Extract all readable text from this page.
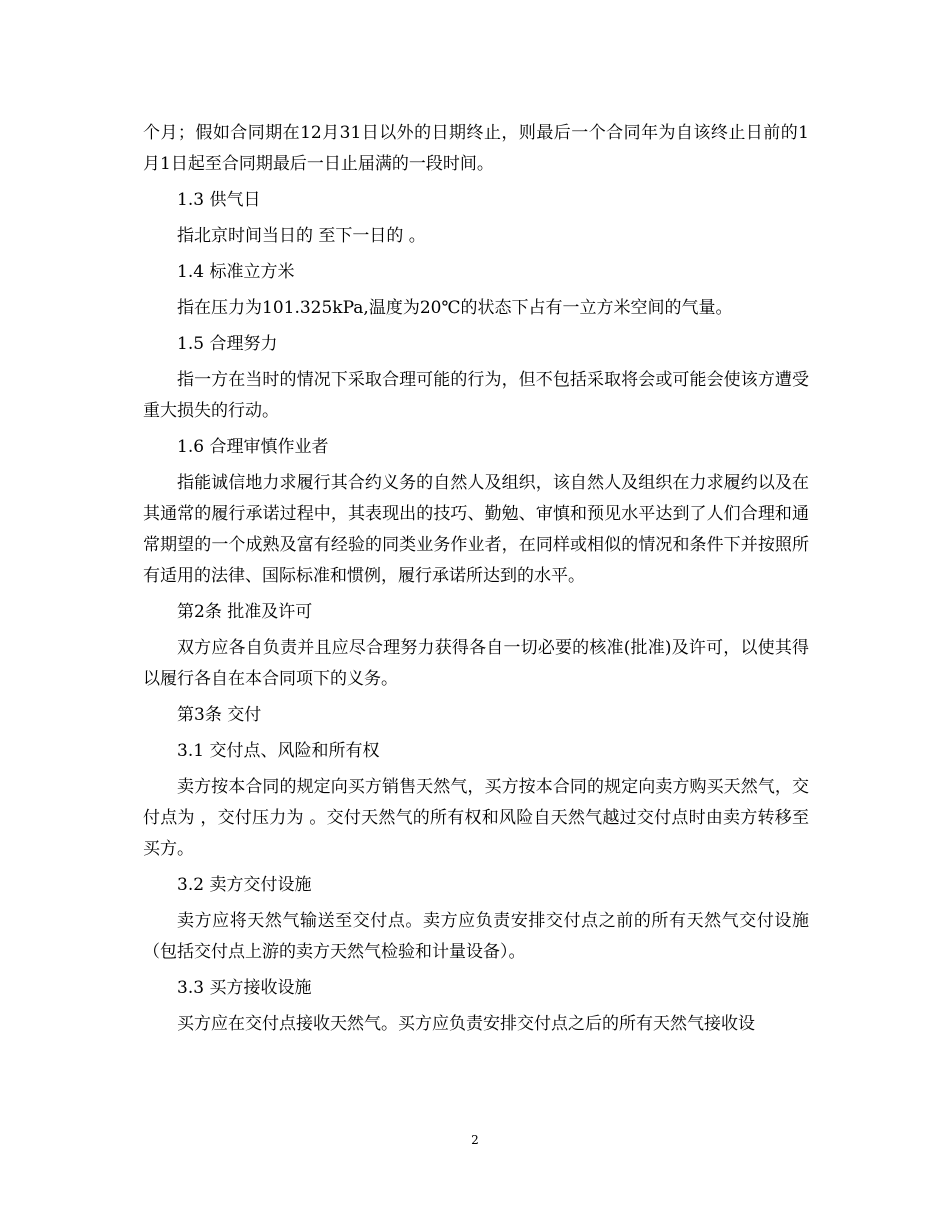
个月；假如合同期在12月31日以外的日期终止，则最后一个合同年为自该终止日前的1月1日起至合同期最后一日止届满的一段时间。

1.3 供气日

指北京时间当日的 至下一日的 。

1.4 标准立方米

指在压力为101.325kPa,温度为20℃的状态下占有一立方米空间的气量。

1.5 合理努力

指一方在当时的情况下采取合理可能的行为，但不包括采取将会或可能会使该方遭受重大损失的行动。

1.6 合理审慎作业者

指能诚信地力求履行其合约义务的自然人及组织，该自然人及组织在力求履约以及在其通常的履行承诺过程中，其表现出的技巧、勤勉、审慎和预见水平达到了人们合理和通常期望的一个成熟及富有经验的同类业务作业者，在同样或相似的情况和条件下并按照所有适用的法律、国际标准和惯例，履行承诺所达到的水平。

第2条 批准及许可

双方应各自负责并且应尽合理努力获得各自一切必要的核准(批准)及许可，以使其得以履行各自在本合同项下的义务。

第3条 交付

3.1 交付点、风险和所有权

卖方按本合同的规定向买方销售天然气，买方按本合同的规定向卖方购买天然气，交付点为 ，交付压力为 。交付天然气的所有权和风险自天然气越过交付点时由卖方转移至买方。

3.2 卖方交付设施

卖方应将天然气输送至交付点。卖方应负责安排交付点之前的所有天然气交付设施（包括交付点上游的卖方天然气检验和计量设备）。

3.3 买方接收设施

买方应在交付点接收天然气。买方应负责安排交付点之后的所有天然气接收设

2
